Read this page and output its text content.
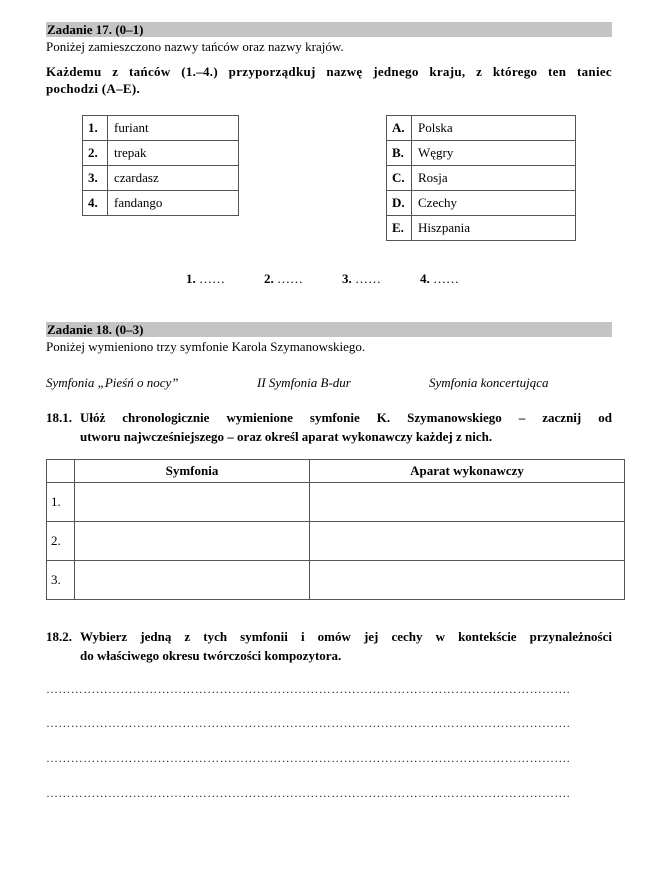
Zadanie 17. (0–1)
Poniżej zamieszczono nazwy tańców oraz nazwy krajów.
Każdemu z tańców (1.–4.) przyporządkuj nazwę jednego kraju, z którego ten taniec
pochodzi (A–E).
1.	furiant
2.	trepak
3.	czardasz
4.	fandango
A.	Polska
B.	Węgry
C.	Rosja
D.	Czechy
E.	Hiszpania
1. ……	2. ……	3. ……	4. ……
Zadanie 18. (0–3)
Poniżej wymieniono trzy symfonie Karola Szymanowskiego.
Symfonia „Pieśń o nocy”	II Symfonia B-dur	Symfonia koncertująca
18.1. Ułóż chronologicznie wymienione symfonie K. Szymanowskiego – zacznij od
utworu najwcześniejszego – oraz określ aparat wykonawczy każdej z nich.
	Symfonia	Aparat wykonawczy
1.		
2.		
3.		
18.2. Wybierz jedną z tych symfonii i omów jej cechy w kontekście przynależności
do właściwego okresu twórczości kompozytora.
……………………………………………………………………………………………………………….
……………………………………………………………………………………………………………….
……………………………………………………………………………………………………………….
……………………………………………………………………………………………………………….
